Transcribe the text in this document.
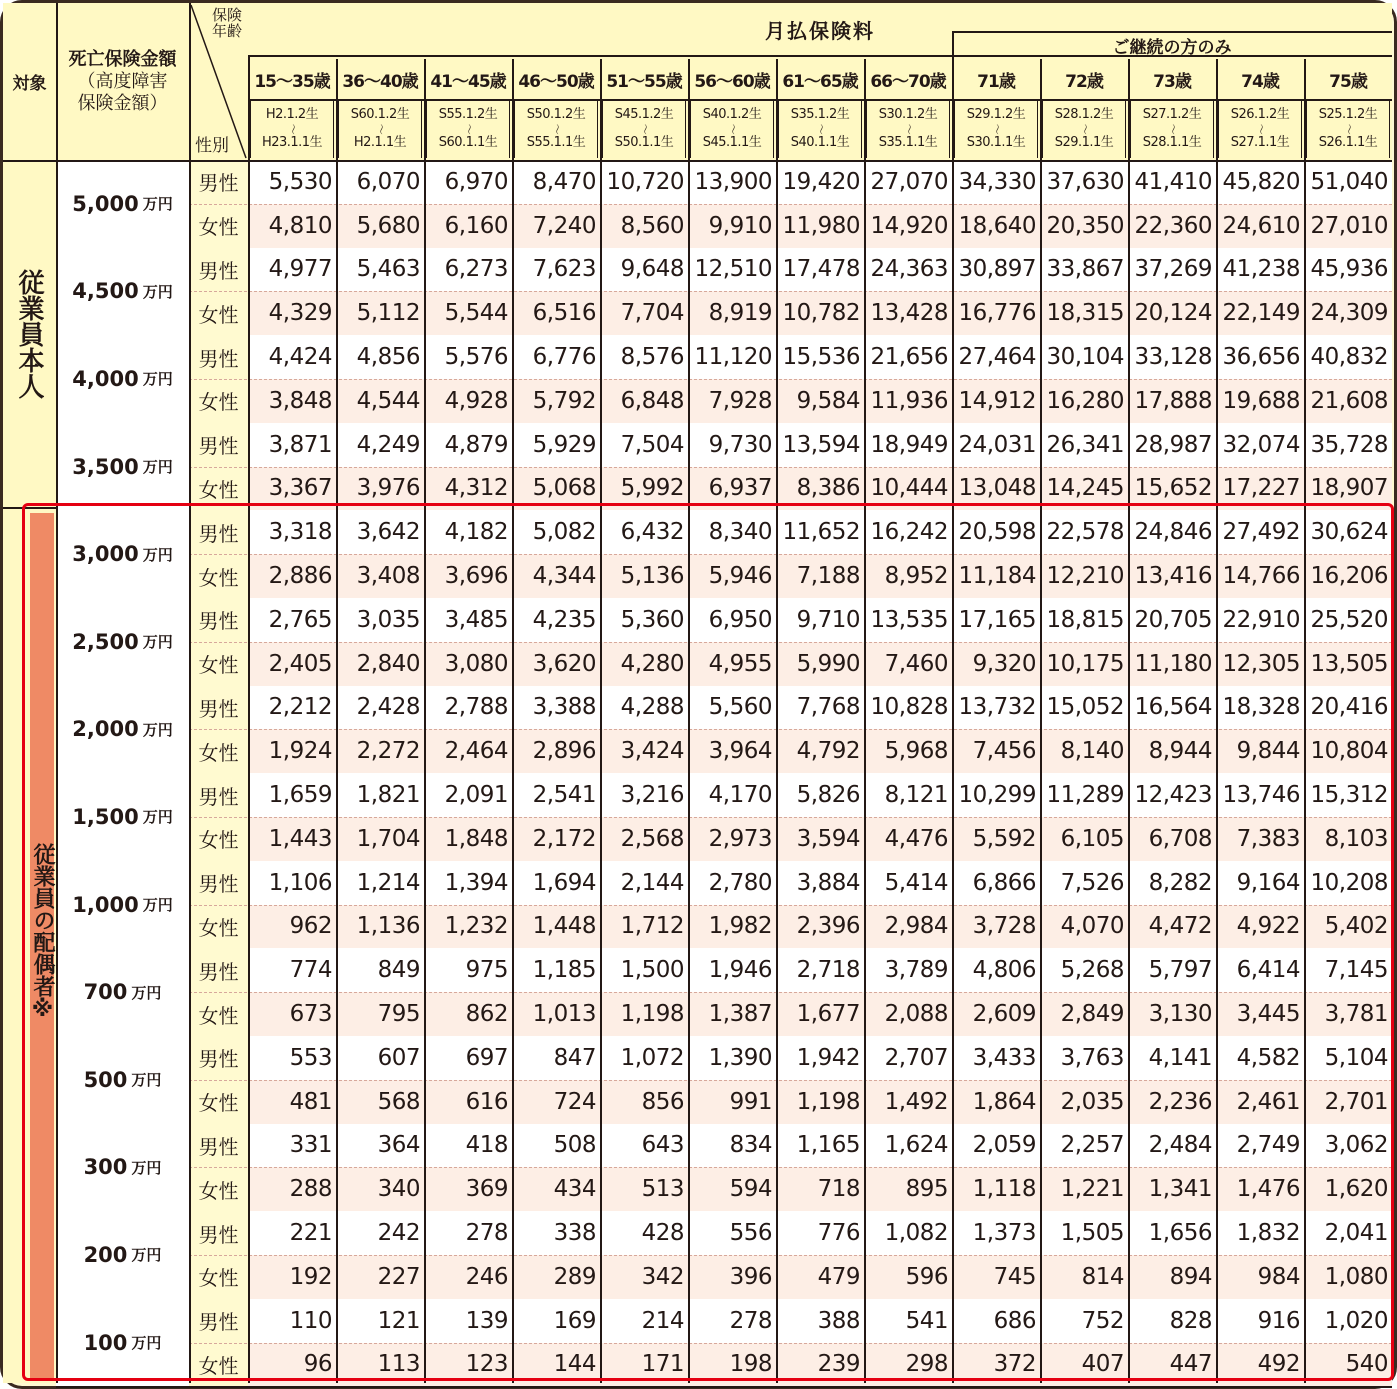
対象
死亡保険金額
（高度障害
保険金額）
保険年齢
性別
月払保険料
ご継続の方のみ
15～35歳
H2.1.2生
～
H23.1.1生
36～40歳
S60.1.2生
～
H2.1.1生
41～45歳
S55.1.2生
～
S60.1.1生
46～50歳
S50.1.2生
～
S55.1.1生
51～55歳
S45.1.2生
～
S50.1.1生
56～60歳
S40.1.2生
～
S45.1.1生
61～65歳
S35.1.2生
～
S40.1.1生
66～70歳
S30.1.2生
～
S35.1.1生
71歳
S29.1.2生
～
S30.1.1生
72歳
S28.1.2生
～
S29.1.1生
73歳
S27.1.2生
～
S28.1.1生
74歳
S26.1.2生
～
S27.1.1生
75歳
S25.1.2生
～
S26.1.1生
従業員本人
従業員の配偶者※
5,000 万円
男性 5,530 6,070 6,970 8,470 10,720 13,900 19,420 27,070 34,330 37,630 41,410 45,820 51,040
女性 4,810 5,680 6,160 7,240 8,560 9,910 11,980 14,920 18,640 20,350 22,360 24,610 27,010
4,500 万円
男性 4,977 5,463 6,273 7,623 9,648 12,510 17,478 24,363 30,897 33,867 37,269 41,238 45,936
女性 4,329 5,112 5,544 6,516 7,704 8,919 10,782 13,428 16,776 18,315 20,124 22,149 24,309
4,000 万円
男性 4,424 4,856 5,576 6,776 8,576 11,120 15,536 21,656 27,464 30,104 33,128 36,656 40,832
女性 3,848 4,544 4,928 5,792 6,848 7,928 9,584 11,936 14,912 16,280 17,888 19,688 21,608
3,500 万円
男性 3,871 4,249 4,879 5,929 7,504 9,730 13,594 18,949 24,031 26,341 28,987 32,074 35,728
女性 3,367 3,976 4,312 5,068 5,992 6,937 8,386 10,444 13,048 14,245 15,652 17,227 18,907
3,000 万円
男性 3,318 3,642 4,182 5,082 6,432 8,340 11,652 16,242 20,598 22,578 24,846 27,492 30,624
女性 2,886 3,408 3,696 4,344 5,136 5,946 7,188 8,952 11,184 12,210 13,416 14,766 16,206
2,500 万円
男性 2,765 3,035 3,485 4,235 5,360 6,950 9,710 13,535 17,165 18,815 20,705 22,910 25,520
女性 2,405 2,840 3,080 3,620 4,280 4,955 5,990 7,460 9,320 10,175 11,180 12,305 13,505
2,000 万円
男性 2,212 2,428 2,788 3,388 4,288 5,560 7,768 10,828 13,732 15,052 16,564 18,328 20,416
女性 1,924 2,272 2,464 2,896 3,424 3,964 4,792 5,968 7,456 8,140 8,944 9,844 10,804
1,500 万円
男性 1,659 1,821 2,091 2,541 3,216 4,170 5,826 8,121 10,299 11,289 12,423 13,746 15,312
女性 1,443 1,704 1,848 2,172 2,568 2,973 3,594 4,476 5,592 6,105 6,708 7,383 8,103
1,000 万円
男性 1,106 1,214 1,394 1,694 2,144 2,780 3,884 5,414 6,866 7,526 8,282 9,164 10,208
女性 962 1,136 1,232 1,448 1,712 1,982 2,396 2,984 3,728 4,070 4,472 4,922 5,402
700 万円
男性 774 849 975 1,185 1,500 1,946 2,718 3,789 4,806 5,268 5,797 6,414 7,145
女性 673 795 862 1,013 1,198 1,387 1,677 2,088 2,609 2,849 3,130 3,445 3,781
500 万円
男性 553 607 697 847 1,072 1,390 1,942 2,707 3,433 3,763 4,141 4,582 5,104
女性 481 568 616 724 856 991 1,198 1,492 1,864 2,035 2,236 2,461 2,701
300 万円
男性 331 364 418 508 643 834 1,165 1,624 2,059 2,257 2,484 2,749 3,062
女性 288 340 369 434 513 594 718 895 1,118 1,221 1,341 1,476 1,620
200 万円
男性 221 242 278 338 428 556 776 1,082 1,373 1,505 1,656 1,832 2,041
女性 192 227 246 289 342 396 479 596 745 814 894 984 1,080
100 万円
男性 110 121 139 169 214 278 388 541 686 752 828 916 1,020
女性	96 113 123 144 171 198 239 298 372 407 447 492 540
